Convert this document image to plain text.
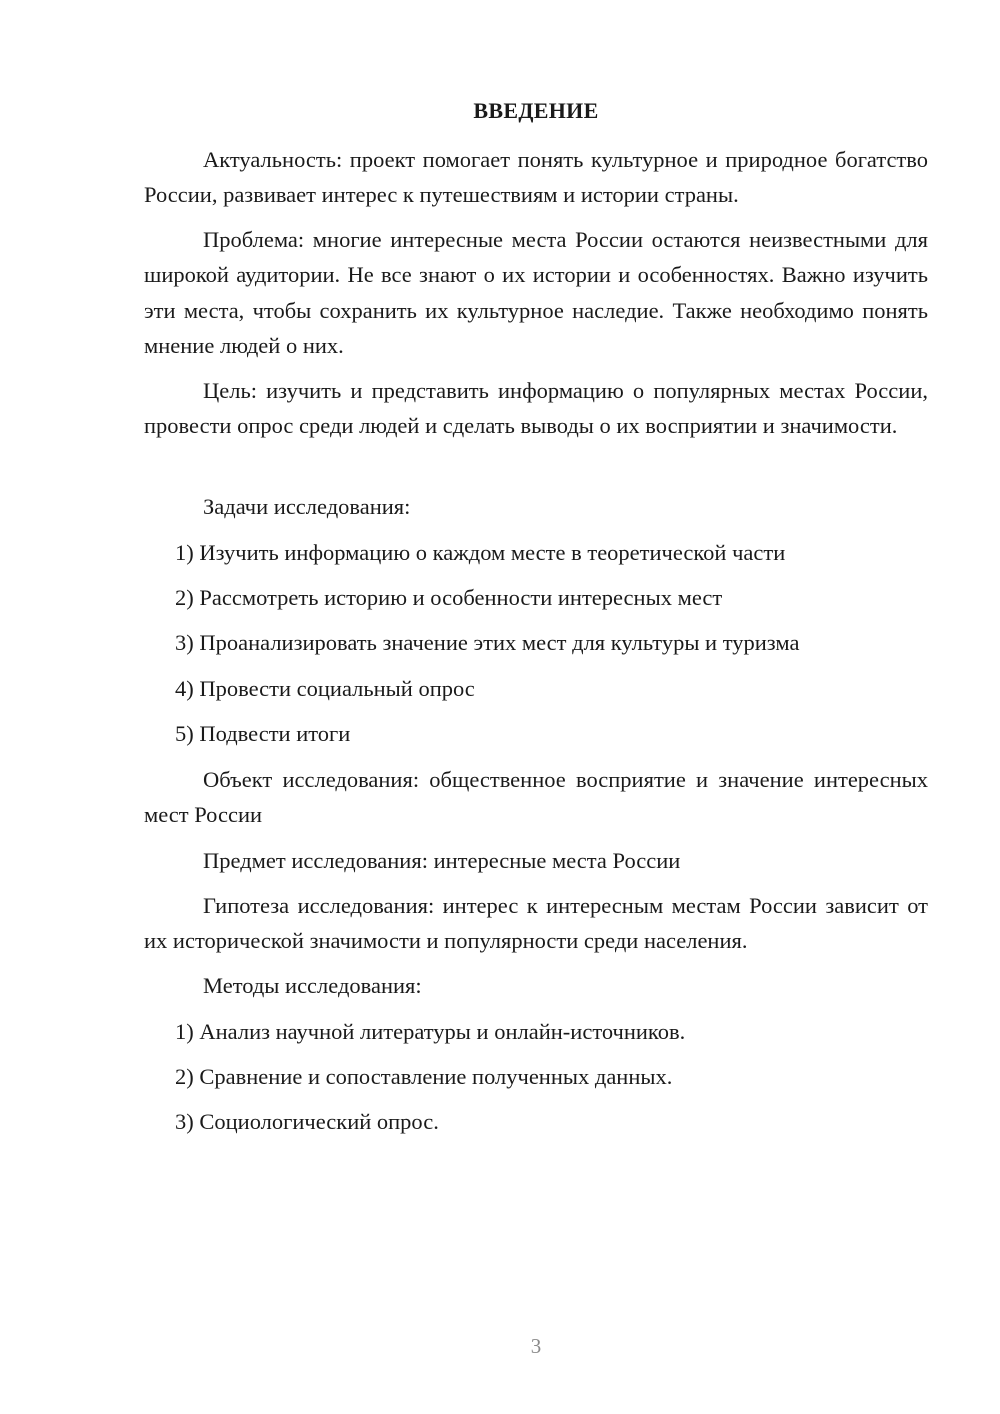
ВВЕДЕНИЕ

Актуальность: проект помогает понять культурное и природное богатство России, развивает интерес к путешествиям и истории страны.

Проблема: многие интересные места России остаются неизвестными для широкой аудитории. Не все знают о их истории и особенностях. Важно изучить эти места, чтобы сохранить их культурное наследие. Также необходимо понять мнение людей о них.

Цель: изучить и представить информацию о популярных местах России, провести опрос среди людей и сделать выводы о их восприятии и значимости.

Задачи исследования:

1) Изучить информацию о каждом месте в теоретической части

2) Рассмотреть историю и особенности интересных мест

3) Проанализировать значение этих мест для культуры и туризма

4) Провести социальный опрос

5) Подвести итоги

Объект исследования: общественное восприятие и значение интересных мест России

Предмет исследования: интересные места России

Гипотеза исследования: интерес к интересным местам России зависит от их исторической значимости и популярности среди населения.

Методы исследования:

1) Анализ научной литературы и онлайн-источников.

2) Сравнение и сопоставление полученных данных.

3) Социологический опрос.

3
